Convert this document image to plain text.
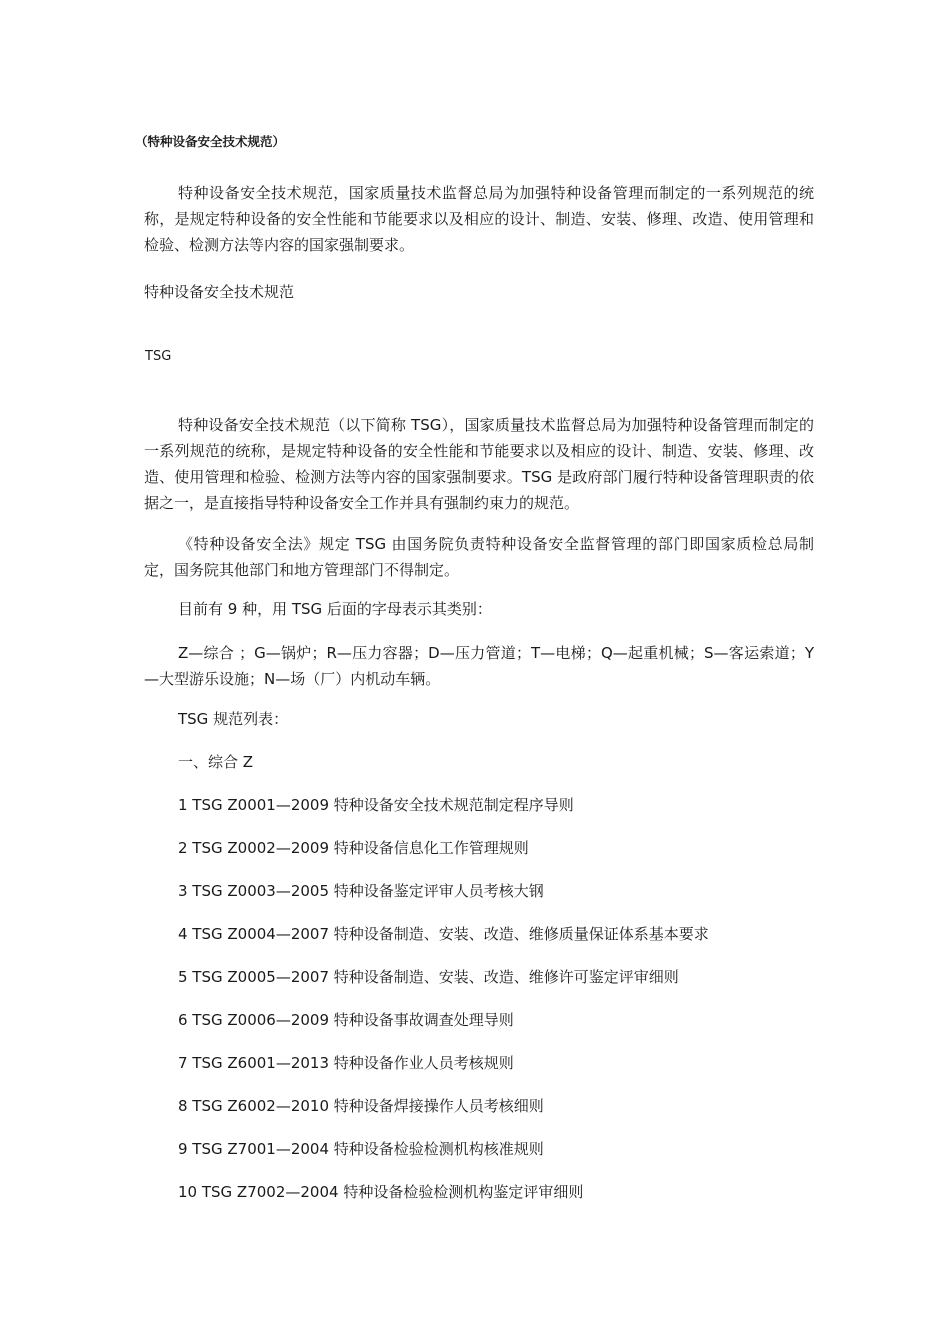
（特种设备安全技术规范）

特种设备安全技术规范，国家质量技术监督总局为加强特种设备管理而制定的一系列规范的统称，是规定特种设备的安全性能和节能要求以及相应的设计、制造、安装、修理、改造、使用管理和检验、检测方法等内容的国家强制要求。

特种设备安全技术规范

TSG

特种设备安全技术规范（以下简称 TSG），国家质量技术监督总局为加强特种设备管理而制定的一系列规范的统称，是规定特种设备的安全性能和节能要求以及相应的设计、制造、安装、修理、改造、使用管理和检验、检测方法等内容的国家强制要求。TSG 是政府部门履行特种设备管理职责的依据之一，是直接指导特种设备安全工作并具有强制约束力的规范。

《特种设备安全法》规定 TSG 由国务院负责特种设备安全监督管理的部门即国家质检总局制定，国务院其他部门和地方管理部门不得制定。

目前有 9 种，用 TSG 后面的字母表示其类别：

Z—综合 ；G—锅炉；R—压力容器；D—压力管道；T—电梯；Q—起重机械；S—客运索道；Y—大型游乐设施；N—场（厂）内机动车辆。

TSG 规范列表：

一、综合 Z

1 TSG Z0001—2009 特种设备安全技术规范制定程序导则

2 TSG Z0002—2009 特种设备信息化工作管理规则

3 TSG Z0003—2005 特种设备鉴定评审人员考核大钢

4 TSG Z0004—2007 特种设备制造、安装、改造、维修质量保证体系基本要求

5 TSG Z0005—2007 特种设备制造、安装、改造、维修许可鉴定评审细则

6 TSG Z0006—2009 特种设备事故调查处理导则

7 TSG Z6001—2013 特种设备作业人员考核规则

8 TSG Z6002—2010 特种设备焊接操作人员考核细则

9 TSG Z7001—2004 特种设备检验检测机构核准规则

10 TSG Z7002—2004 特种设备检验检测机构鉴定评审细则
